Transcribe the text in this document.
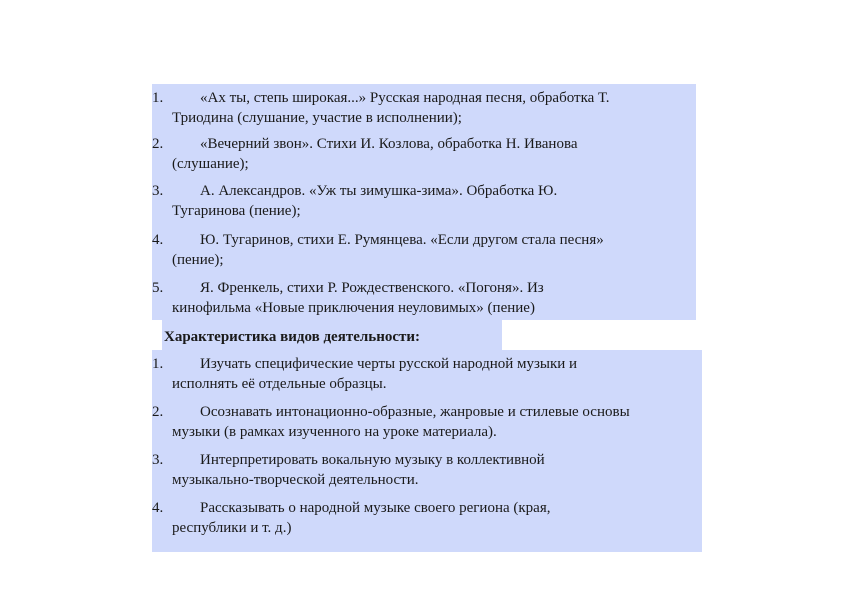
1. «Ах ты, степь широкая...» Русская народная песня, обработка Т.
Триодина (слушание, участие в исполнении);
2. «Вечерний звон». Стихи И. Козлова, обработка Н. Иванова
(слушание);
3. А. Александров. «Уж ты зимушка-зима». Обработка Ю.
Тугаринова (пение);
4. Ю. Тугаринов, стихи Е. Румянцева. «Если другом стала песня»
(пение);
5. Я. Френкель, стихи Р. Рождественского. «Погоня». Из
кинофильма «Новые приключения неуловимых» (пение)
Характеристика видов деятельности:
1. Изучать специфические черты русской народной музыки и
исполнять её отдельные образцы.
2. Осознавать интонационно-образные, жанровые и стилевые основы
музыки (в рамках изученного на уроке материала).
3. Интерпретировать вокальную музыку в коллективной
музыкально-творческой деятельности.
4. Рассказывать о народной музыке своего региона (края,
республики и т. д.)
